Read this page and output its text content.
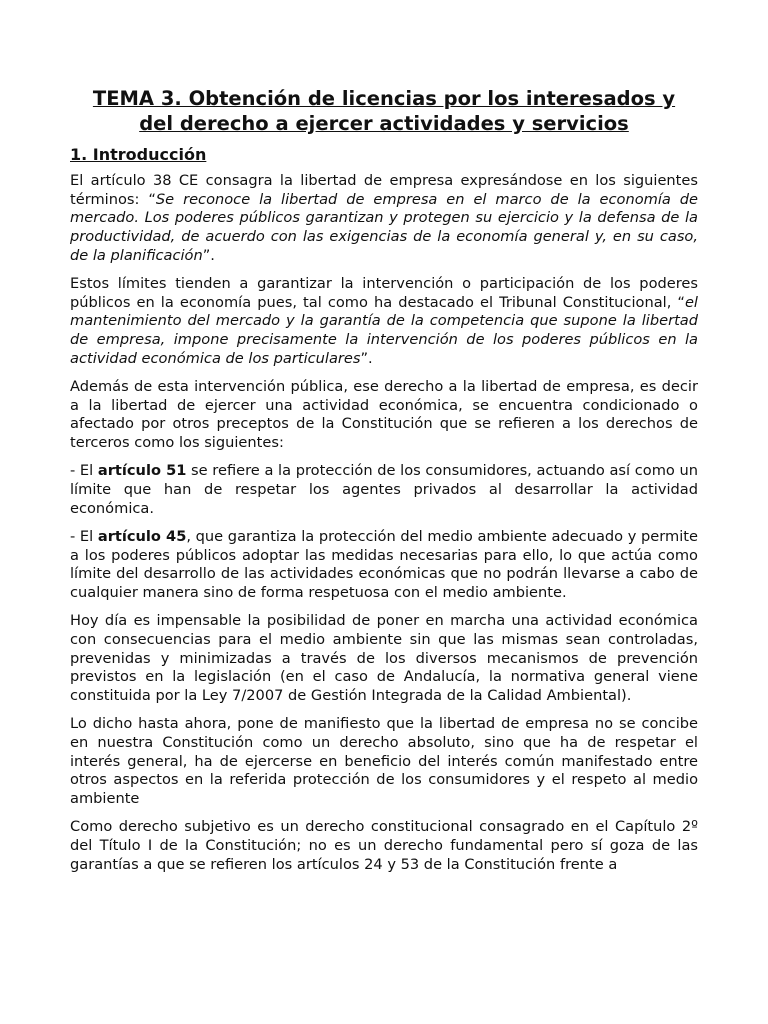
TEMA 3. Obtención de licencias por los interesados y
del derecho a ejercer actividades y servicios
1. Introducción

El artículo 38 CE consagra la libertad de empresa expresándose en los siguientes términos: “Se reconoce la libertad de empresa en el marco de la economía de mercado. Los poderes públicos garantizan y protegen su ejercicio y la defensa de la productividad, de acuerdo con las exigencias de la economía general y, en su caso, de la planificación”.

Estos límites tienden a garantizar la intervención o participación de los poderes públicos en la economía pues, tal como ha destacado el Tribunal Constitucional, “el mantenimiento del mercado y la garantía de la competencia que supone la libertad de empresa, impone precisamente la intervención de los poderes públicos en la actividad económica de los particulares”.

Además de esta intervención pública, ese derecho a la libertad de empresa, es decir a la libertad de ejercer una actividad económica, se encuentra condicionado o afectado por otros preceptos de la Constitución que se refieren a los derechos de terceros como los siguientes:

- El artículo 51 se refiere a la protección de los consumidores, actuando así como un límite que han de respetar los agentes privados al desarrollar la actividad económica.

- El artículo 45, que garantiza la protección del medio ambiente adecuado y permite a los poderes públicos adoptar las medidas necesarias para ello, lo que actúa como límite del desarrollo de las actividades económicas que no podrán llevarse a cabo de cualquier manera sino de forma respetuosa con el medio ambiente.

Hoy día es impensable la posibilidad de poner en marcha una actividad económica con consecuencias para el medio ambiente sin que las mismas sean controladas, prevenidas y minimizadas a través de los diversos mecanismos de prevención previstos en la legislación (en el caso de Andalucía, la normativa general viene constituida por la Ley 7/2007 de Gestión Integrada de la Calidad Ambiental).

Lo dicho hasta ahora, pone de manifiesto que la libertad de empresa no se concibe en nuestra Constitución como un derecho absoluto, sino que ha de respetar el interés general, ha de ejercerse en beneficio del interés común manifestado entre otros aspectos en la referida protección de los consumidores y el respeto al medio ambiente

Como derecho subjetivo es un derecho constitucional consagrado en el Capítulo 2º del Título I de la Constitución; no es un derecho fundamental pero sí goza de las garantías a que se refieren los artículos 24 y 53 de la Constitución frente a
